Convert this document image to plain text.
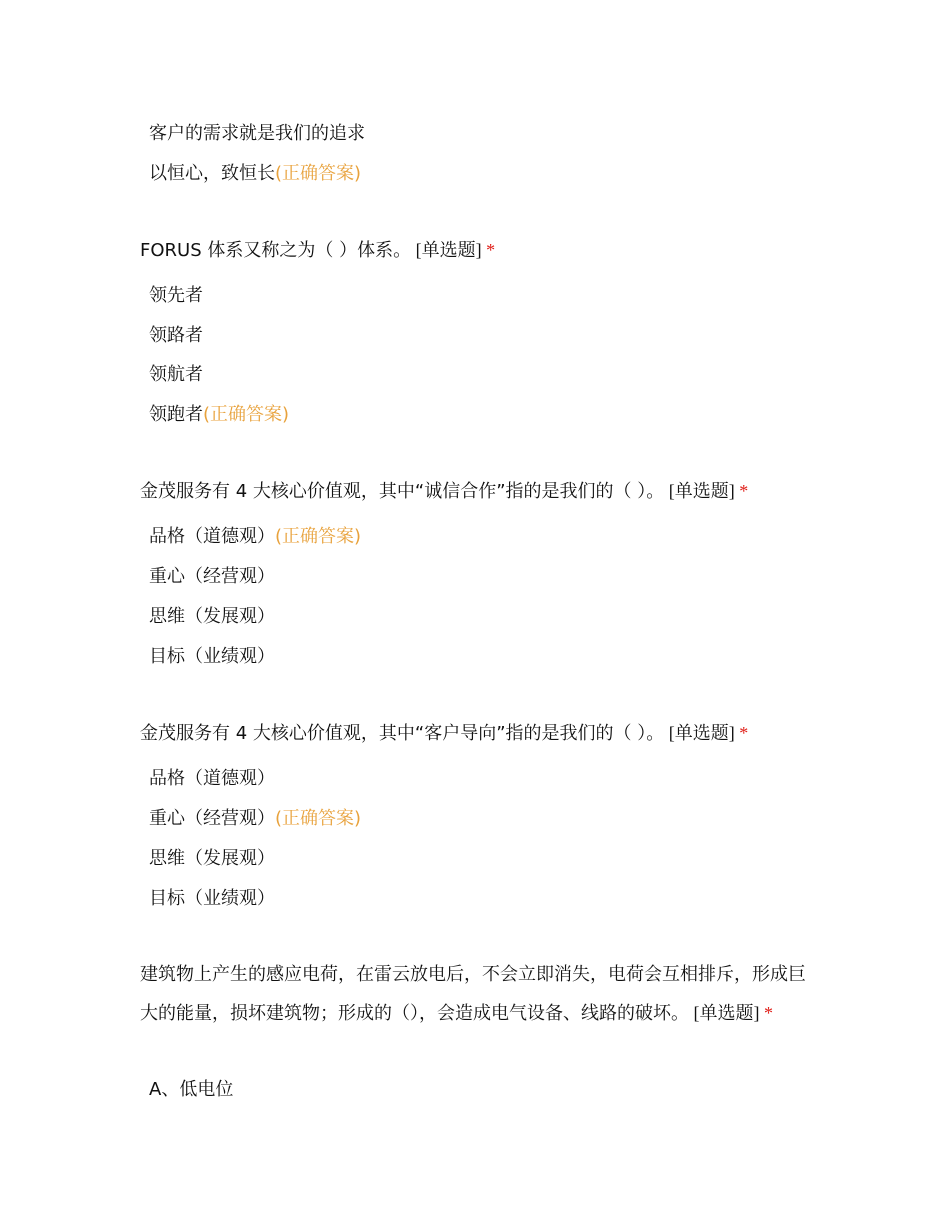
客户的需求就是我们的追求
以恒心，致恒长(正确答案)
FORUS 体系又称之为（ ）体系。 [单选题] *
领先者
领路者
领航者
领跑者(正确答案)
金茂服务有 4 大核心价值观，其中“诚信合作”指的是我们的（ ）。 [单选题] *
品格（道德观）(正确答案)
重心（经营观）
思维（发展观）
目标（业绩观）
金茂服务有 4 大核心价值观，其中“客户导向”指的是我们的（ ）。 [单选题] *
品格（道德观）
重心（经营观）(正确答案)
思维（发展观）
目标（业绩观）
建筑物上产生的感应电荷，在雷云放电后，不会立即消失，电荷会互相排斥，形成巨大的能量，损坏建筑物；形成的（），会造成电气设备、线路的破坏。 [单选题] *
A、低电位
